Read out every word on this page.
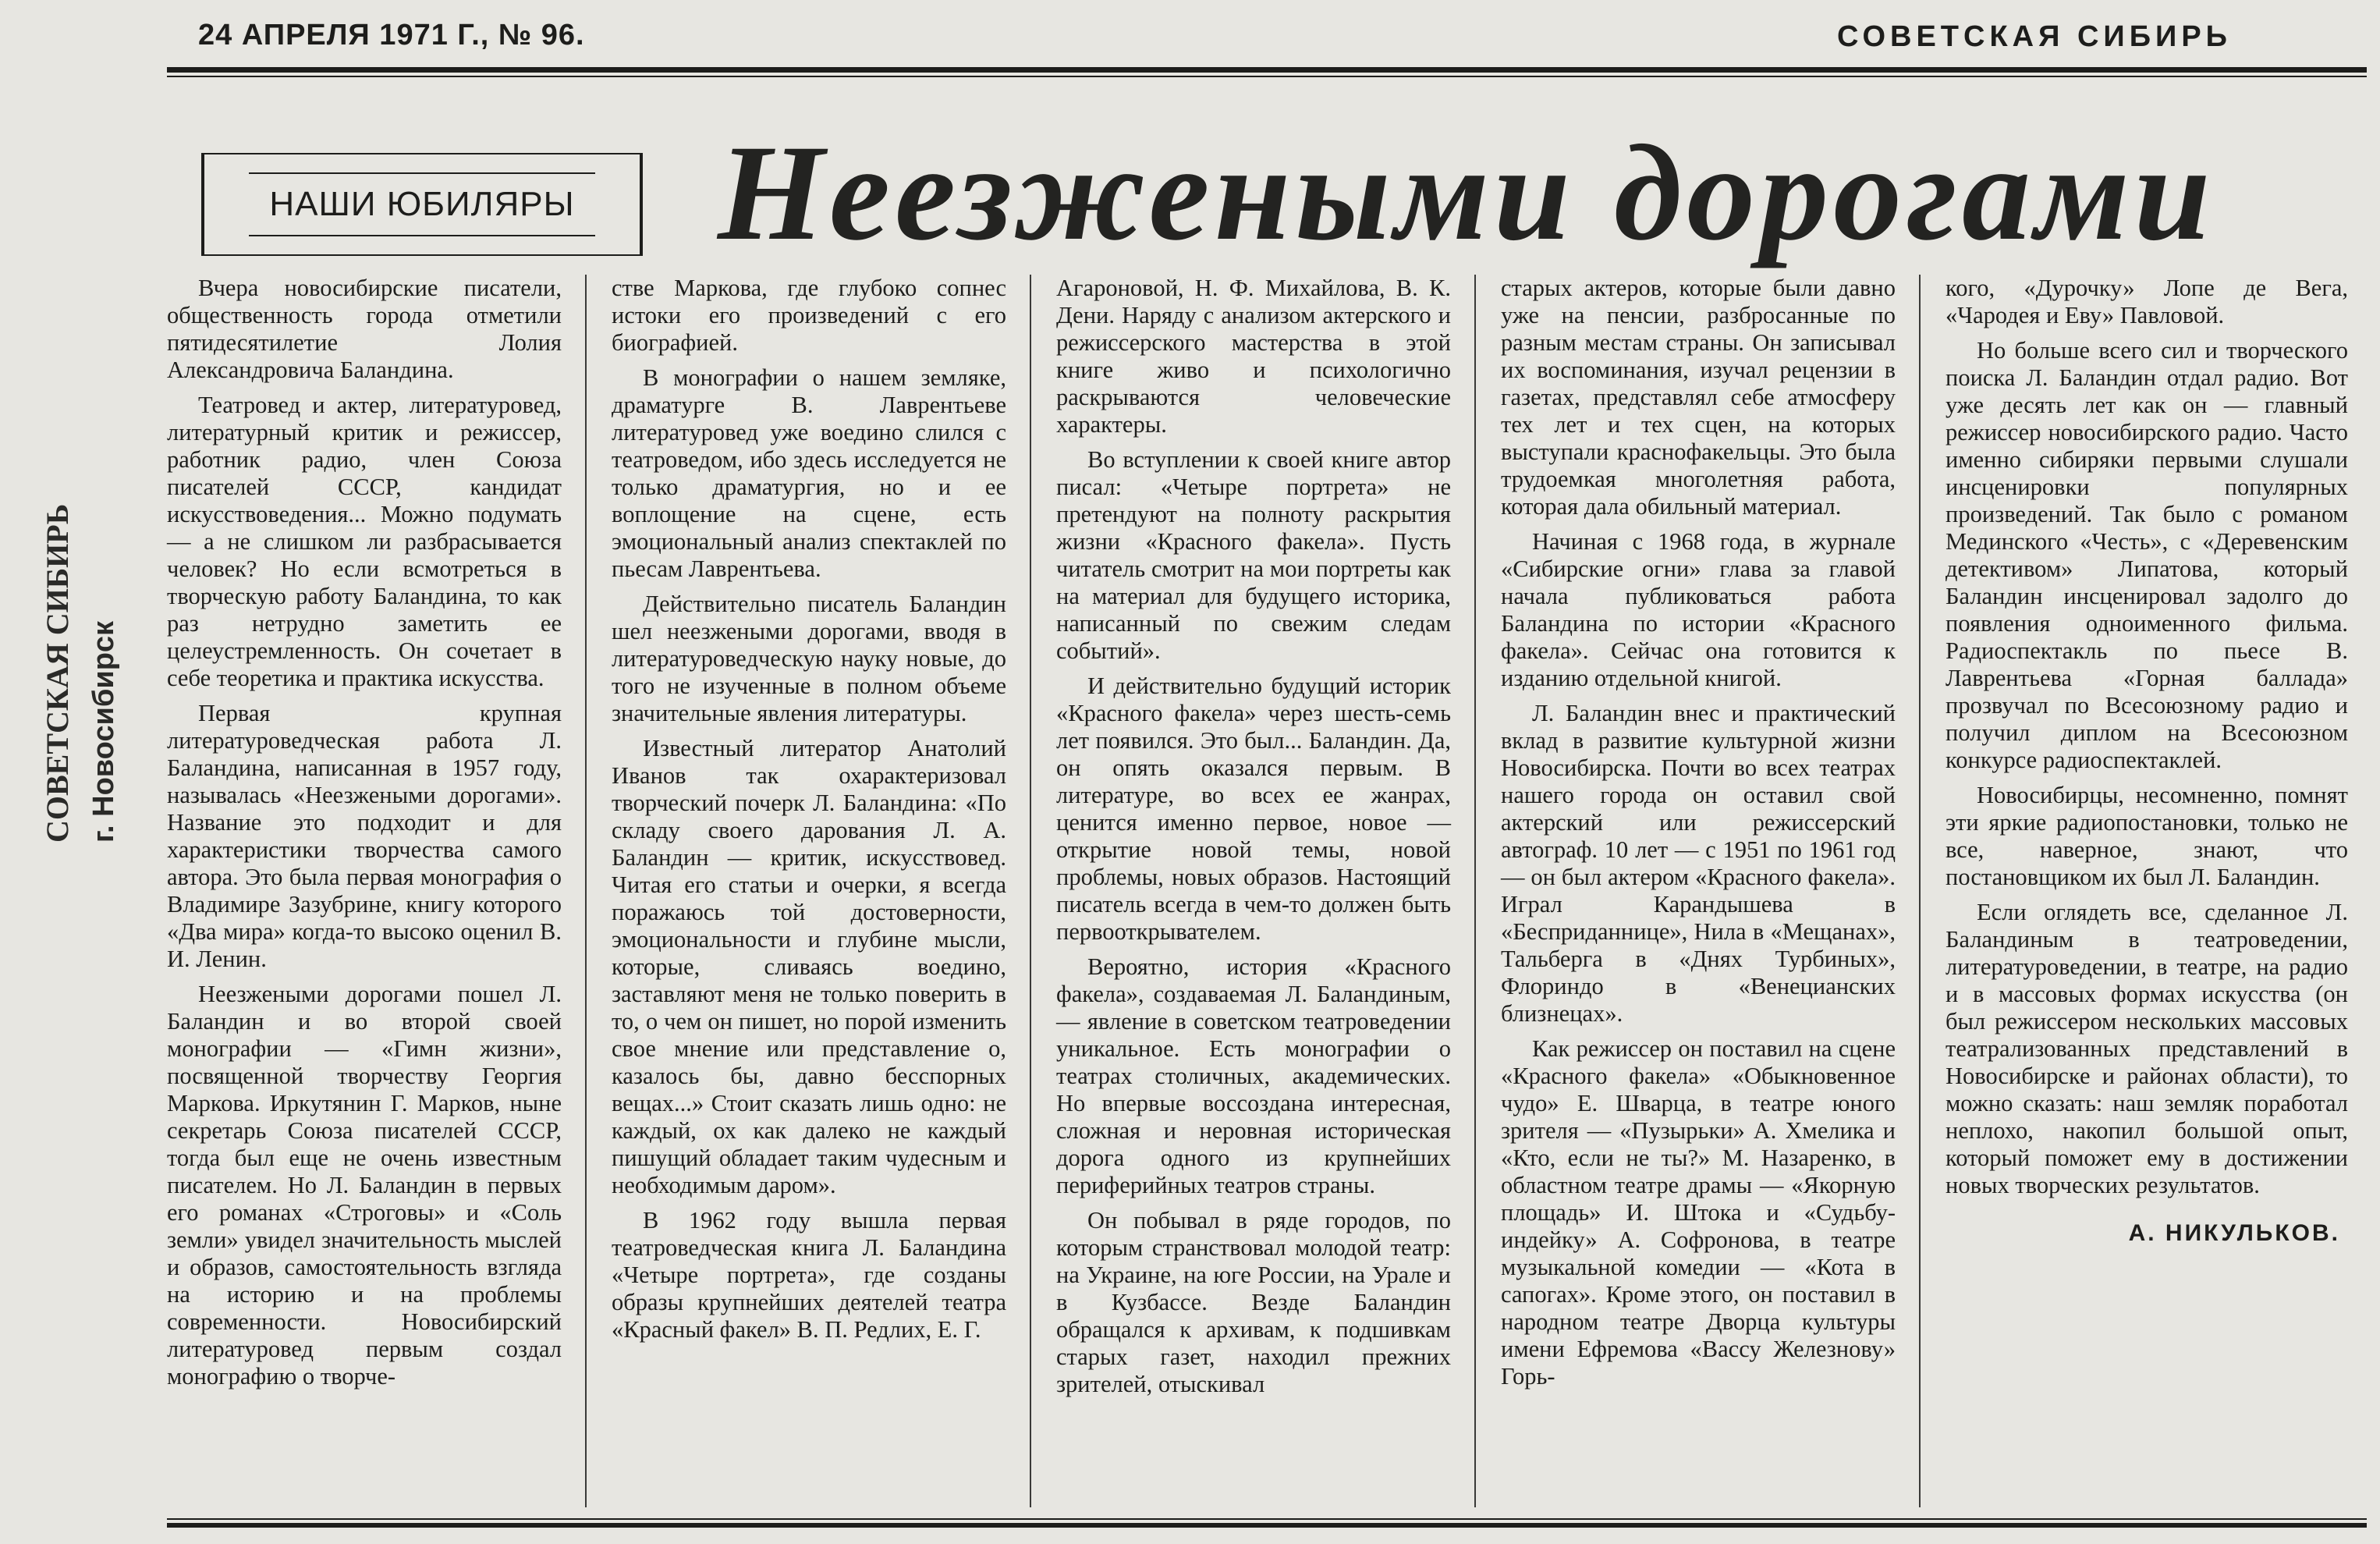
24 АПРЕЛЯ 1971 Г., № 96.	СОВЕТСКАЯ СИБИРЬ
НАШИ ЮБИЛЯРЫ Неезжеными дорогами
СОВЕТСКАЯ СИБИРЬ г. Новосибирск

Вчера новосибирские писатели, общественность города отметили пятидесятилетие Лолия Александровича Баландина.

Театровед и актер, литературовед, литературный критик и режиссер, работник радио, член Союза писателей СССР, кандидат искусствоведения... Можно подумать — а не слишком ли разбрасывается человек? Но если всмотреться в творческую работу Баландина, то как раз нетрудно заметить ее целеустремленность. Он сочетает в себе теоретика и практика искусства.

Первая крупная литературоведческая работа Л. Баландина, написанная в 1957 году, называлась «Неезжеными дорогами». Название это подходит и для характеристики творчества самого автора. Это была первая монография о Владимире Зазубрине, книгу которого «Два мира» когда-то высоко оценил В. И. Ленин.

Неезжеными дорогами пошел Л. Баландин и во второй своей монографии — «Гимн жизни», посвященной творчеству Георгия Маркова. Иркутянин Г. Марков, ныне секретарь Союза писателей СССР, тогда был еще не очень известным писателем. Но Л. Баландин в первых его романах «Строговы» и «Соль земли» увидел значительность мыслей и образов, самостоятельность взгляда на историю и на проблемы современности. Новосибирский литературовед первым создал монографию о творче-

стве Маркова, где глубоко сопнес истоки его произведений с его биографией.

В монографии о нашем земляке, драматурге В. Лаврентьеве литературовед уже воедино слился с театроведом, ибо здесь исследуется не только драматургия, но и ее воплощение на сцене, есть эмоциональный анализ спектаклей по пьесам Лаврентьева.

Действительно писатель Баландин шел неезжеными дорогами, вводя в литературоведческую науку новые, до того не изученные в полном объеме значительные явления литературы.

Известный литератор Анатолий Иванов так охарактеризовал творческий почерк Л. Баландина: «По складу своего дарования Л. А. Баландин — критик, искусствовед. Читая его статьи и очерки, я всегда поражаюсь той достоверности, эмоциональности и глубине мысли, которые, сливаясь воедино, заставляют меня не только поверить в то, о чем он пишет, но порой изменить свое мнение или представление о, казалось бы, давно бесспорных вещах...» Стоит сказать лишь одно: не каждый, ох как далеко не каждый пишущий обладает таким чудесным и необходимым даром».

В 1962 году вышла первая театроведческая книга Л. Баландина «Четыре портрета», где созданы образы крупнейших деятелей театра «Красный факел» В. П. Редлих, Е. Г.

Агароновой, Н. Ф. Михайлова, В. К. Дени. Наряду с анализом актерского и режиссерского мастерства в этой книге живо и психологично раскрываются человеческие характеры.

Во вступлении к своей книге автор писал: «Четыре портрета» не претендуют на полноту раскрытия жизни «Красного факела». Пусть читатель смотрит на мои портреты как на материал для будущего историка, написанный по свежим следам событий».

И действительно будущий историк «Красного факела» через шесть-семь лет появился. Это был... Баландин. Да, он опять оказался первым. В литературе, во всех ее жанрах, ценится именно первое, новое — открытие новой темы, новой проблемы, новых образов. Настоящий писатель всегда в чем-то должен быть первооткрывателем.

Вероятно, история «Красного факела», создаваемая Л. Баландиным, — явление в советском театроведении уникальное. Есть монографии о театрах столичных, академических. Но впервые воссоздана интересная, сложная и неровная историческая дорога одного из крупнейших периферийных театров страны.

Он побывал в ряде городов, по которым странствовал молодой театр: на Украине, на юге России, на Урале и в Кузбассе. Везде Баландин обращался к архивам, к подшивкам старых газет, находил прежних зрителей, отыскивал

старых актеров, которые были давно уже на пенсии, разбросанные по разным местам страны. Он записывал их воспоминания, изучал рецензии в газетах, представлял себе атмосферу тех лет и тех сцен, на которых выступали краснофакельцы. Это была трудоемкая многолетняя работа, которая дала обильный материал.

Начиная с 1968 года, в журнале «Сибирские огни» глава за главой начала публиковаться работа Баландина по истории «Красного факела». Сейчас она готовится к изданию отдельной книгой.

Л. Баландин внес и практический вклад в развитие культурной жизни Новосибирска. Почти во всех театрах нашего города он оставил свой актерский или режиссерский автограф. 10 лет — с 1951 по 1961 год — он был актером «Красного факела». Играл Карандышева в «Бесприданнице», Нила в «Мещанах», Тальберга в «Днях Турбиных», Флориндо в «Венецианских близнецах».

Как режиссер он поставил на сцене «Красного факела» «Обыкновенное чудо» Е. Шварца, в театре юного зрителя — «Пузырьки» А. Хмелика и «Кто, если не ты?» М. Назаренко, в областном театре драмы — «Якорную площадь» И. Штока и «Судьбу-индейку» А. Софронова, в театре музыкальной комедии — «Кота в сапогах». Кроме этого, он поставил в народном театре Дворца культуры имени Ефремова «Вассу Железнову» Горь-

кого, «Дурочку» Лопе де Вега, «Чародея и Еву» Павловой.

Но больше всего сил и творческого поиска Л. Баландин отдал радио. Вот уже десять лет как он — главный режиссер новосибирского радио. Часто именно сибиряки первыми слушали инсценировки популярных произведений. Так было с романом Мединского «Честь», с «Деревенским детективом» Липатова, который Баландин инсценировал задолго до появления одноименного фильма. Радиоспектакль по пьесе В. Лаврентьева «Горная баллада» прозвучал по Всесоюзному радио и получил диплом на Всесоюзном конкурсе радиоспектаклей.

Новосибирцы, несомненно, помнят эти яркие радиопостановки, только не все, наверное, знают, что постановщиком их был Л. Баландин.

Если оглядеть все, сделанное Л. Баландиным в театроведении, литературоведении, в театре, на радио и в массовых формах искусства (он был режиссером нескольких массовых театрализованных представлений в Новосибирске и районах области), то можно сказать: наш земляк поработал неплохо, накопил большой опыт, который поможет ему в достижении новых творческих результатов.

А. НИКУЛЬКОВ.
